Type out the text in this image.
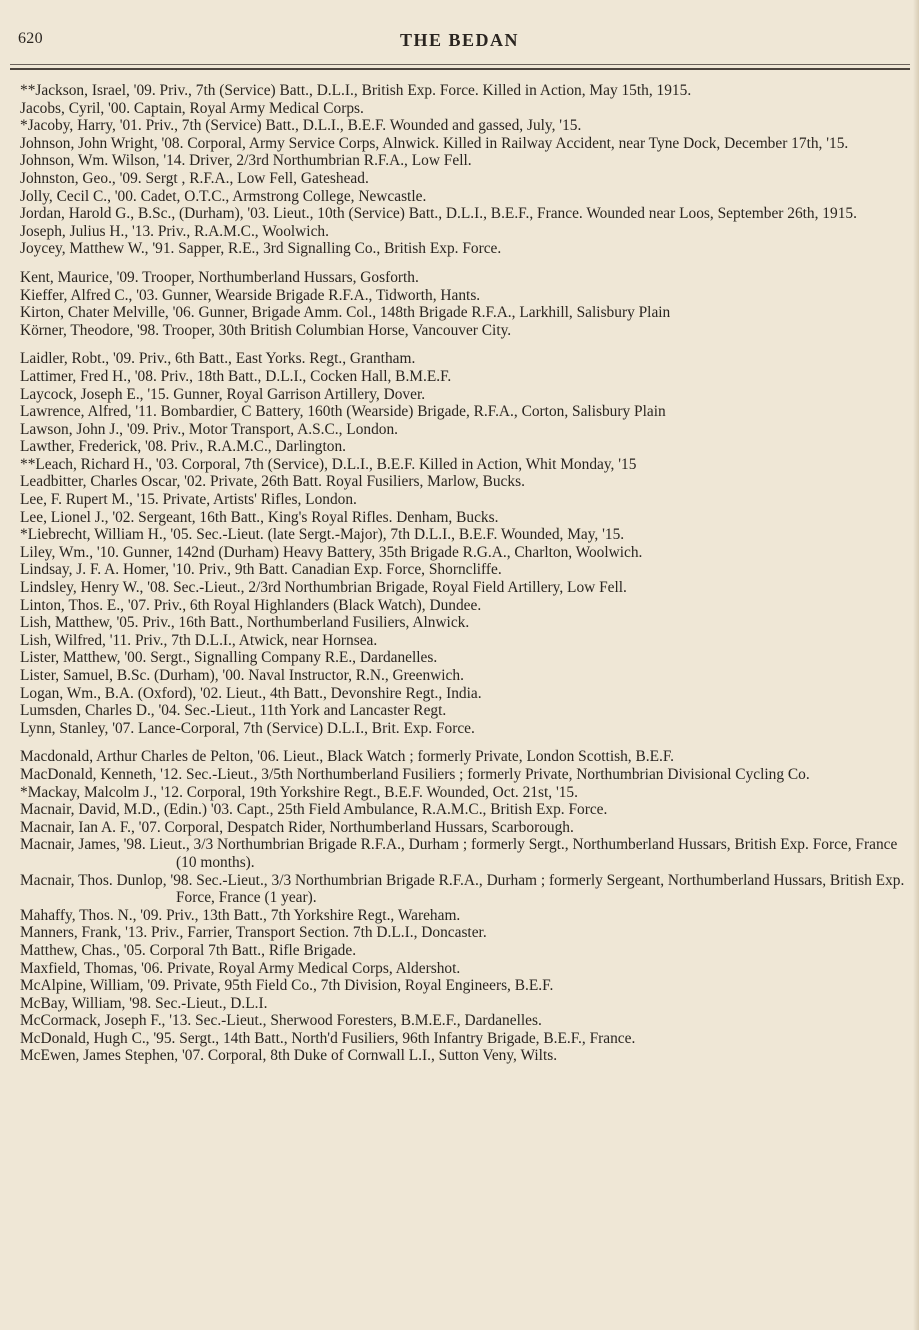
620	THE BEDAN

**Jackson, Israel, '09. Priv., 7th (Service) Batt., D.L.I., British Exp. Force. Killed in Action, May 15th, 1915.

Jacobs, Cyril, '00. Captain, Royal Army Medical Corps.

*Jacoby, Harry, '01. Priv., 7th (Service) Batt., D.L.I., B.E.F. Wounded and gassed, July, '15.

Johnson, John Wright, '08. Corporal, Army Service Corps, Alnwick. Killed in Railway Accident, near Tyne Dock, December 17th, '15.

Johnson, Wm. Wilson, '14. Driver, 2/3rd Northumbrian R.F.A., Low Fell.

Johnston, Geo., '09. Sergt , R.F.A., Low Fell, Gateshead.

Jolly, Cecil C., '00. Cadet, O.T.C., Armstrong College, Newcastle.

Jordan, Harold G., B.Sc., (Durham), '03. Lieut., 10th (Service) Batt., D.L.I., B.E.F., France. Wounded near Loos, September 26th, 1915.

Joseph, Julius H., '13. Priv., R.A.M.C., Woolwich.

Joycey, Matthew W., '91. Sapper, R.E., 3rd Signalling Co., British Exp. Force.

Kent, Maurice, '09. Trooper, Northumberland Hussars, Gosforth.

Kieffer, Alfred C., '03. Gunner, Wearside Brigade R.F.A., Tidworth, Hants.

Kirton, Chater Melville, '06. Gunner, Brigade Amm. Col., 148th Brigade R.F.A., Larkhill, Salisbury Plain

Körner, Theodore, '98. Trooper, 30th British Columbian Horse, Vancouver City.

Laidler, Robt., '09. Priv., 6th Batt., East Yorks. Regt., Grantham.

Lattimer, Fred H., '08. Priv., 18th Batt., D.L.I., Cocken Hall, B.M.E.F.

Laycock, Joseph E., '15. Gunner, Royal Garrison Artillery, Dover.

Lawrence, Alfred, '11. Bombardier, C Battery, 160th (Wearside) Brigade, R.F.A., Corton, Salisbury Plain

Lawson, John J., '09. Priv., Motor Transport, A.S.C., London.

Lawther, Frederick, '08. Priv., R.A.M.C., Darlington.

**Leach, Richard H., '03. Corporal, 7th (Service), D.L.I., B.E.F. Killed in Action, Whit Monday, '15

Leadbitter, Charles Oscar, '02. Private, 26th Batt. Royal Fusiliers, Marlow, Bucks.

Lee, F. Rupert M., '15. Private, Artists' Rifles, London.

Lee, Lionel J., '02. Sergeant, 16th Batt., King's Royal Rifles. Denham, Bucks.

*Liebrecht, William H., '05. Sec.-Lieut. (late Sergt.-Major), 7th D.L.I., B.E.F. Wounded, May, '15.

Liley, Wm., '10. Gunner, 142nd (Durham) Heavy Battery, 35th Brigade R.G.A., Charlton, Woolwich.

Lindsay, J. F. A. Homer, '10. Priv., 9th Batt. Canadian Exp. Force, Shorncliffe.

Lindsley, Henry W., '08. Sec.-Lieut., 2/3rd Northumbrian Brigade, Royal Field Artillery, Low Fell.

Linton, Thos. E., '07. Priv., 6th Royal Highlanders (Black Watch), Dundee.

Lish, Matthew, '05. Priv., 16th Batt., Northumberland Fusiliers, Alnwick.

Lish, Wilfred, '11. Priv., 7th D.L.I., Atwick, near Hornsea.

Lister, Matthew, '00. Sergt., Signalling Company R.E., Dardanelles.

Lister, Samuel, B.Sc. (Durham), '00. Naval Instructor, R.N., Greenwich.

Logan, Wm., B.A. (Oxford), '02. Lieut., 4th Batt., Devonshire Regt., India.

Lumsden, Charles D., '04. Sec.-Lieut., 11th York and Lancaster Regt.

Lynn, Stanley, '07. Lance-Corporal, 7th (Service) D.L.I., Brit. Exp. Force.

Macdonald, Arthur Charles de Pelton, '06. Lieut., Black Watch ; formerly Private, London Scottish, B.E.F.

MacDonald, Kenneth, '12. Sec.-Lieut., 3/5th Northumberland Fusiliers ; formerly Private, Northumbrian Divisional Cycling Co.

*Mackay, Malcolm J., '12. Corporal, 19th Yorkshire Regt., B.E.F. Wounded, Oct. 21st, '15.

Macnair, David, M.D., (Edin.) '03. Capt., 25th Field Ambulance, R.A.M.C., British Exp. Force.

Macnair, Ian A. F., '07. Corporal, Despatch Rider, Northumberland Hussars, Scarborough.

Macnair, James, '98. Lieut., 3/3 Northumbrian Brigade R.F.A., Durham ; formerly Sergt., Northumberland Hussars, British Exp. Force, France (10 months).

Macnair, Thos. Dunlop, '98. Sec.-Lieut., 3/3 Northumbrian Brigade R.F.A., Durham ; formerly Sergeant, Northumberland Hussars, British Exp. Force, France (1 year).

Mahaffy, Thos. N., '09. Priv., 13th Batt., 7th Yorkshire Regt., Wareham.

Manners, Frank, '13. Priv., Farrier, Transport Section. 7th D.L.I., Doncaster.

Matthew, Chas., '05. Corporal 7th Batt., Rifle Brigade.

Maxfield, Thomas, '06. Private, Royal Army Medical Corps, Aldershot.

McAlpine, William, '09. Private, 95th Field Co., 7th Division, Royal Engineers, B.E.F.

McBay, William, '98. Sec.-Lieut., D.L.I.

McCormack, Joseph F., '13. Sec.-Lieut., Sherwood Foresters, B.M.E.F., Dardanelles.

McDonald, Hugh C., '95. Sergt., 14th Batt., North'd Fusiliers, 96th Infantry Brigade, B.E.F., France.

McEwen, James Stephen, '07. Corporal, 8th Duke of Cornwall L.I., Sutton Veny, Wilts.
